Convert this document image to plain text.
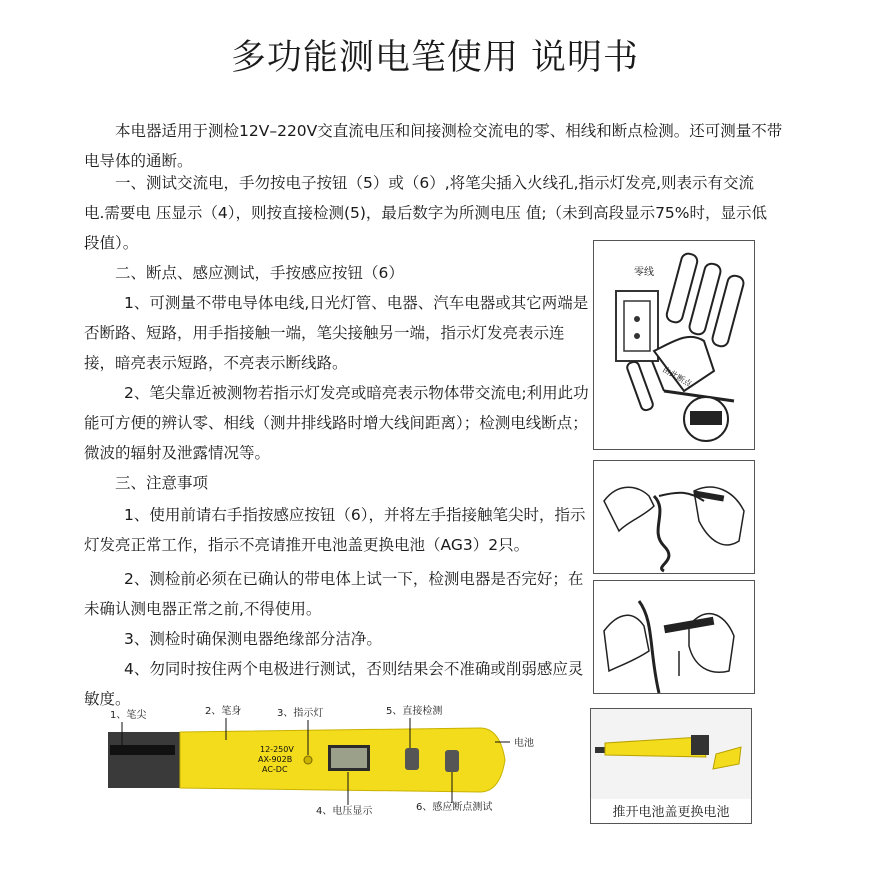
多功能测电笔使用 说明书
本电器适用于测检12V–220V交直流电压和间接测检交流电的零、相线和断点检测。还可测量不带电导体的通断。
一、测试交流电，手勿按电子按钮（5）或（6）,将笔尖插入火线孔,指示灯发亮,则表示有交流电.需要电 压显示（4），则按直接检测(5)，最后数字为所测电压 值;（未到高段显示75%时，显示低段值）。
二、断点、感应测试，手按感应按钮（6）
1、可测量不带电导体电线,日光灯管、电器、汽车电器或其它两端是否断路、短路，用手指接触一端，笔尖接触另一端，指示灯发亮表示连接，暗亮表示短路，不亮表示断线路。
2、笔尖靠近被测物若指示灯发亮或暗亮表示物体带交流电;利用此功能可方便的辨认零、相线（测井排线路时增大线间距离）；检测电线断点；微波的辐射及泄露情况等。
三、注意事项
1、使用前请右手指按感应按钮（6），并将左手指接触笔尖时，指示灯发亮正常工作，指示不亮请推开电池盖更换电池（AG3）2只。
2、测检前必须在已确认的带电体上试一下，检测电器是否完好；在未确认测电器正常之前,不得使用。
3、测检时确保测电器绝缘部分洁净。
4、勿同时按住两个电极进行测试，否则结果会不准确或削弱感应灵敏度。
零线
由此断点
12-250V
AX-902B
AC-DC
1、笔尖	2、笔身	3、指示灯	5、直接检测
电池
4、电压显示	6、感应断点测试	推开电池盖更换电池
